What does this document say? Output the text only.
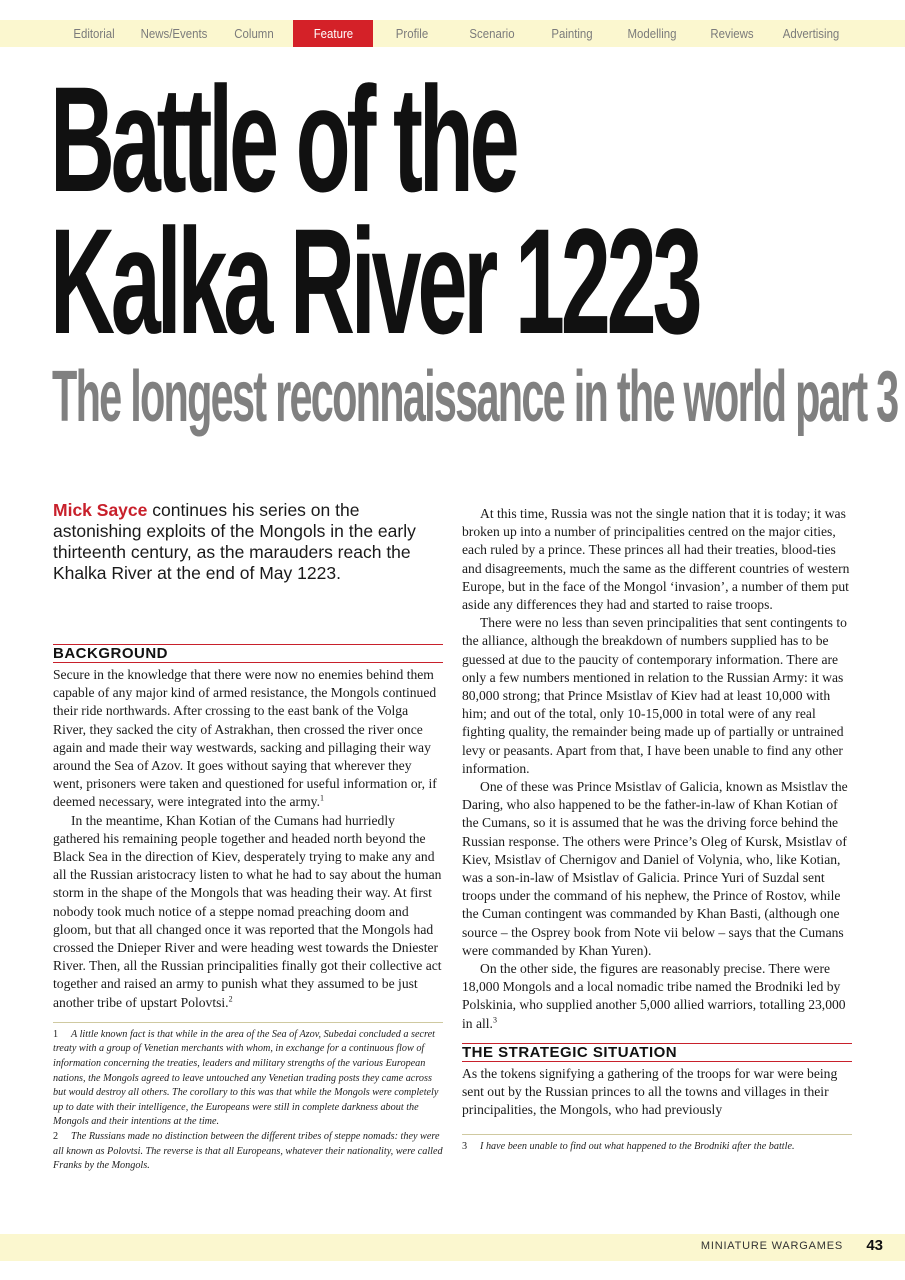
Editorial	News/Events	Column	Feature	Profile	Scenario	Painting	Modelling	Reviews	Advertising
Battle of the
Kalka River 1223
The longest reconnaissance in the world part 3

Mick Sayce continues his series on the astonishing exploits of the Mongols in the early thirteenth century, as the marauders reach the Khalka River at the end of May 1223.

BACKGROUND

Secure in the knowledge that there were now no enemies behind them capable of any major kind of armed resistance, the Mongols continued their ride northwards. After crossing to the east bank of the Volga River, they sacked the city of Astrakhan, then crossed the river once again and made their way westwards, sacking and pillaging their way around the Sea of Azov. It goes without saying that wherever they went, prisoners were taken and questioned for useful information or, if deemed necessary, were integrated into the army.$^1$

In the meantime, Khan Kotian of the Cumans had hurriedly gathered his remaining people together and headed north beyond the Black Sea in the direction of Kiev, desperately trying to make any and all the Russian aristocracy listen to what he had to say about the human storm in the shape of the Mongols that was heading their way. At first nobody took much notice of a steppe nomad preaching doom and gloom, but that all changed once it was reported that the Mongols had crossed the Dnieper River and were heading west towards the Dniester River. Then, all the Russian principalities finally got their collective act together and raised an army to punish what they assumed to be just another tribe of upstart Polovtsi.$^2$

1 A little known fact is that while in the area of the Sea of Azov, Subedai concluded a secret treaty with a group of Venetian merchants with whom, in exchange for a continuous flow of information concerning the treaties, leaders and military strengths of the various European nations, the Mongols agreed to leave untouched any Venetian trading posts they came across but would destroy all others. The corollary to this was that while the Mongols were completely up to date with their intelligence, the Europeans were still in complete darkness about the Mongols and their intentions at the time.

2 The Russians made no distinction between the different tribes of steppe nomads: they were all known as Polovtsi. The reverse is that all Europeans, whatever their nationality, were called Franks by the Mongols.

At this time, Russia was not the single nation that it is today; it was broken up into a number of principalities centred on the major cities, each ruled by a prince. These princes all had their treaties, blood-ties and disagreements, much the same as the different countries of western Europe, but in the face of the Mongol ‘invasion’, a number of them put aside any differences they had and started to raise troops.

There were no less than seven principalities that sent contingents to the alliance, although the breakdown of numbers supplied has to be guessed at due to the paucity of contemporary information. There are only a few numbers mentioned in relation to the Russian Army: it was 80,000 strong; that Prince Msistlav of Kiev had at least 10,000 with him; and out of the total, only 10-15,000 in total were of any real fighting quality, the remainder being made up of partially or untrained levy or peasants. Apart from that, I have been unable to find any other information.

One of these was Prince Msistlav of Galicia, known as Msistlav the Daring, who also happened to be the father-in-law of Khan Kotian of the Cumans, so it is assumed that he was the driving force behind the Russian response. The others were Prince’s Oleg of Kursk, Msistlav of Kiev, Msistlav of Chernigov and Daniel of Volynia, who, like Kotian, was a son-in-law of Msistlav of Galicia. Prince Yuri of Suzdal sent troops under the command of his nephew, the Prince of Rostov, while the Cuman contingent was commanded by Khan Basti, (although one source – the Osprey book from Note vii below – says that the Cumans were commanded by Khan Yuren).

On the other side, the figures are reasonably precise. There were 18,000 Mongols and a local nomadic tribe named the Brodniki led by Polskinia, who supplied another 5,000 allied warriors, totalling 23,000 in all.$^3$

THE STRATEGIC SITUATION

As the tokens signifying a gathering of the troops for war were being sent out by the Russian princes to all the towns and villages in their principalities, the Mongols, who had previously

3 I have been unable to find out what happened to the Brodniki after the battle.

MINIATURE WARGAMES 43
